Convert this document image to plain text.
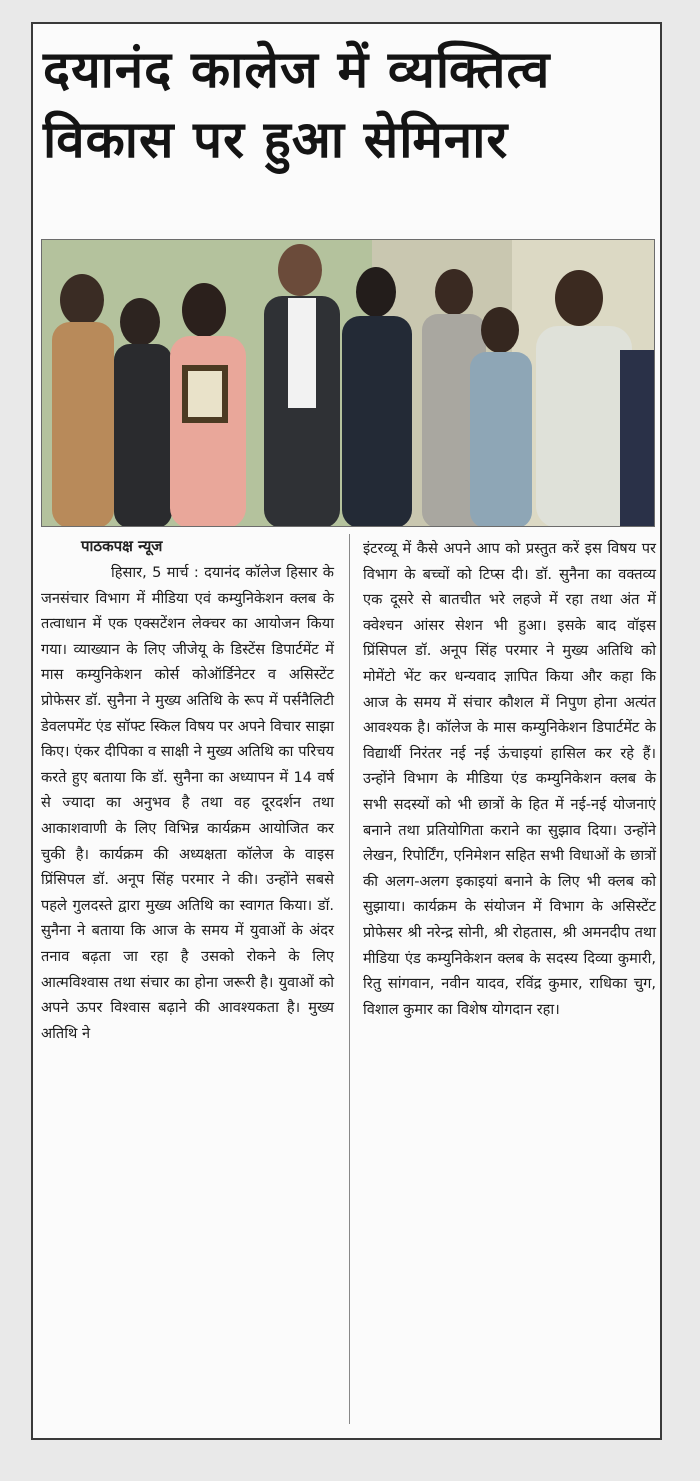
दयानंद कालेज में व्यक्तित्व विकास पर हुआ सेमिनार
पाठकपक्ष न्यूज

हिसार, 5 मार्च : दयानंद कॉलेज हिसार के जनसंचार विभाग में मीडिया एवं कम्युनिकेशन क्लब के तत्वाधान में एक एक्सटेंशन लेक्चर का आयोजन किया गया। व्याख्यान के लिए जीजेयू के डिस्टेंस डिपार्टमेंट में मास कम्युनिकेशन कोर्स कोऑर्डिनेटर व असिस्टेंट प्रोफेसर डॉ. सुनैना ने मुख्य अतिथि के रूप में पर्सनैलिटी डेवलपमेंट एंड सॉफ्ट स्किल विषय पर अपने विचार साझा किए। एंकर दीपिका व साक्षी ने मुख्य अतिथि का परिचय करते हुए बताया कि डॉ. सुनैना का अध्यापन में 14 वर्ष से ज्यादा का अनुभव है तथा वह दूरदर्शन तथा आकाशवाणी के लिए विभिन्न कार्यक्रम आयोजित कर चुकी है। कार्यक्रम की अध्यक्षता कॉलेज के वाइस प्रिंसिपल डॉ. अनूप सिंह परमार ने की। उन्होंने सबसे पहले गुलदस्ते द्वारा मुख्य अतिथि का स्वागत किया। डॉ. सुनैना ने बताया कि आज के समय में युवाओं के अंदर तनाव बढ़ता जा रहा है उसको रोकने के लिए आत्मविश्वास तथा संचार का होना जरूरी है। युवाओं को अपने ऊपर विश्वास बढ़ाने की आवश्यकता है। मुख्य अतिथि ने

इंटरव्यू में कैसे अपने आप को प्रस्तुत करें इस विषय पर विभाग के बच्चों को टिप्स दी। डॉ. सुनैना का वक्तव्य एक दूसरे से बातचीत भरे लहजे में रहा तथा अंत में क्वेश्चन आंसर सेशन भी हुआ। इसके बाद वॉइस प्रिंसिपल डॉ. अनूप सिंह परमार ने मुख्य अतिथि को मोमेंटो भेंट कर धन्यवाद ज्ञापित किया और कहा कि आज के समय में संचार कौशल में निपुण होना अत्यंत आवश्यक है। कॉलेज के मास कम्युनिकेशन डिपार्टमेंट के विद्यार्थी निरंतर नई नई ऊंचाइयां हासिल कर रहे हैं। उन्होंने विभाग के मीडिया एंड कम्युनिकेशन क्लब के सभी सदस्यों को भी छात्रों के हित में नई-नई योजनाएं बनाने तथा प्रतियोगिता कराने का सुझाव दिया। उन्होंने लेखन, रिपोर्टिंग, एनिमेशन सहित सभी विधाओं के छात्रों की अलग-अलग इकाइयां बनाने के लिए भी क्लब को सुझाया। कार्यक्रम के संयोजन में विभाग के असिस्टेंट प्रोफेसर श्री नरेन्द्र सोनी, श्री रोहतास, श्री अमनदीप तथा मीडिया एंड कम्युनिकेशन क्लब के सदस्य दिव्या कुमारी, रितु सांगवान, नवीन यादव, रविंद्र कुमार, राधिका चुग, विशाल कुमार का विशेष योगदान रहा।
